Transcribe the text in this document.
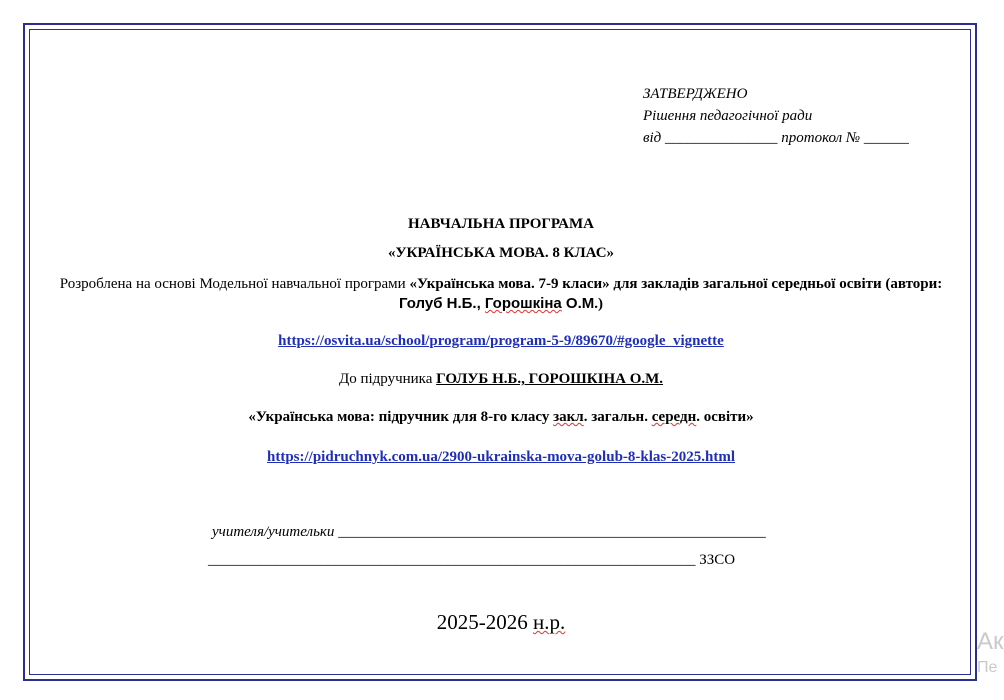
ЗАТВЕРДЖЕНО
Рішення педагогічної ради
від _______________ протокол № ______
НАВЧАЛЬНА ПРОГРАМА
«УКРАЇНСЬКА МОВА. 8 КЛАС»
Розроблена на основі Модельної навчальної програми «Українська мова. 7-9 класи» для закладів загальної середньої освіти (автори: Голуб Н.Б., Горошкіна О.М.)
https://osvita.ua/school/program/program-5-9/89670/#google_vignette
До підручника ГОЛУБ Н.Б., ГОРОШКІНА О.М.
«Українська мова: підручник для 8-го класу закл. загальн. середн. освіти»
https://pidruchnyk.com.ua/2900-ukrainska-mova-golub-8-klas-2025.html
учителя/учительки _________________________________________________________
_________________________________________________________________ ЗЗСО
2025-2026 н.р.
Ак
Пе
